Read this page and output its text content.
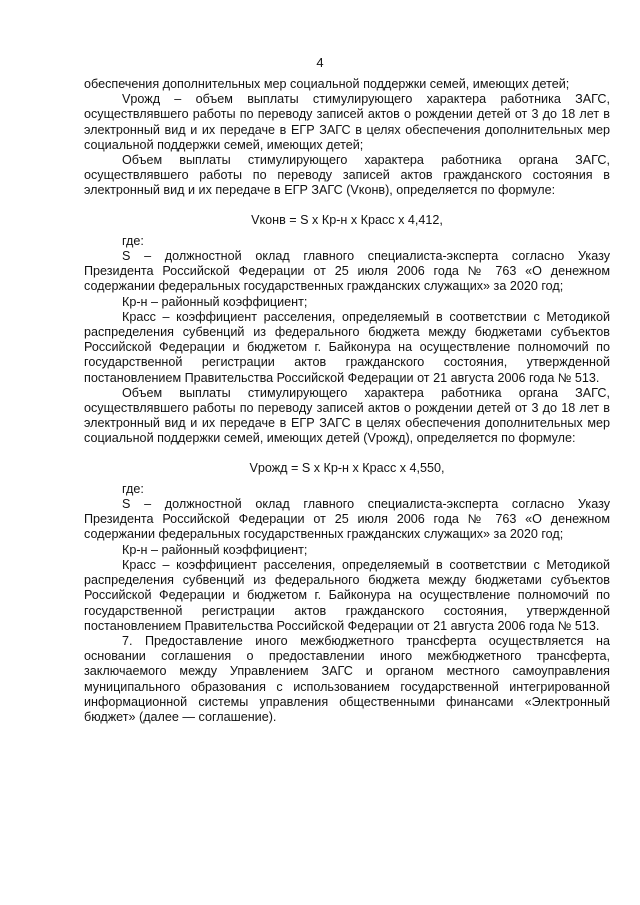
4

обеспечения дополнительных мер социальной поддержки семей, имеющих детей;

Vрожд – объем выплаты стимулирующего характера работника ЗАГС, осуществлявшего работы по переводу записей актов о рождении детей от 3 до 18 лет в электронный вид и их передаче в ЕГР ЗАГС в целях обеспечения дополнительных мер социальной поддержки семей, имеющих детей;

Объем выплаты стимулирующего характера работника органа ЗАГС, осуществлявшего работы по переводу записей актов гражданского состояния в электронный вид и их передаче в ЕГР ЗАГС (Vконв), определяется по формуле:

Vконв = S x Кр-н x Красс x 4,412,

где:

S – должностной оклад главного специалиста-эксперта согласно Указу Президента Российской Федерации от 25 июля 2006 года № 763 «О денежном содержании федеральных государственных гражданских служащих» за 2020 год;

Кр-н – районный коэффициент;

Красс – коэффициент расселения, определяемый в соответствии с Методикой распределения субвенций из федерального бюджета между бюджетами субъектов Российской Федерации и бюджетом г. Байконура на осуществление полномочий по государственной регистрации актов гражданского состояния, утвержденной постановлением Правительства Российской Федерации от 21 августа 2006 года № 513.

Объем выплаты стимулирующего характера работника органа ЗАГС, осуществлявшего работы по переводу записей актов о рождении детей от 3 до 18 лет в электронный вид и их передаче в ЕГР ЗАГС в целях обеспечения дополнительных мер социальной поддержки семей, имеющих детей (Vрожд), определяется по формуле:

Vрожд = S x Кр-н x Красс x 4,550,

где:

S – должностной оклад главного специалиста-эксперта согласно Указу Президента Российской Федерации от 25 июля 2006 года № 763 «О денежном содержании федеральных государственных гражданских служащих» за 2020 год;

Кр-н – районный коэффициент;

Красс – коэффициент расселения, определяемый в соответствии с Методикой распределения субвенций из федерального бюджета между бюджетами субъектов Российской Федерации и бюджетом г. Байконура на осуществление полномочий по государственной регистрации актов гражданского состояния, утвержденной постановлением Правительства Российской Федерации от 21 августа 2006 года № 513.

7. Предоставление иного межбюджетного трансферта осуществляется на основании соглашения о предоставлении иного межбюджетного трансферта, заключаемого между Управлением ЗАГС и органом местного самоуправления муниципального образования с использованием государственной интегрированной информационной системы управления общественными финансами «Электронный бюджет» (далее — соглашение).
